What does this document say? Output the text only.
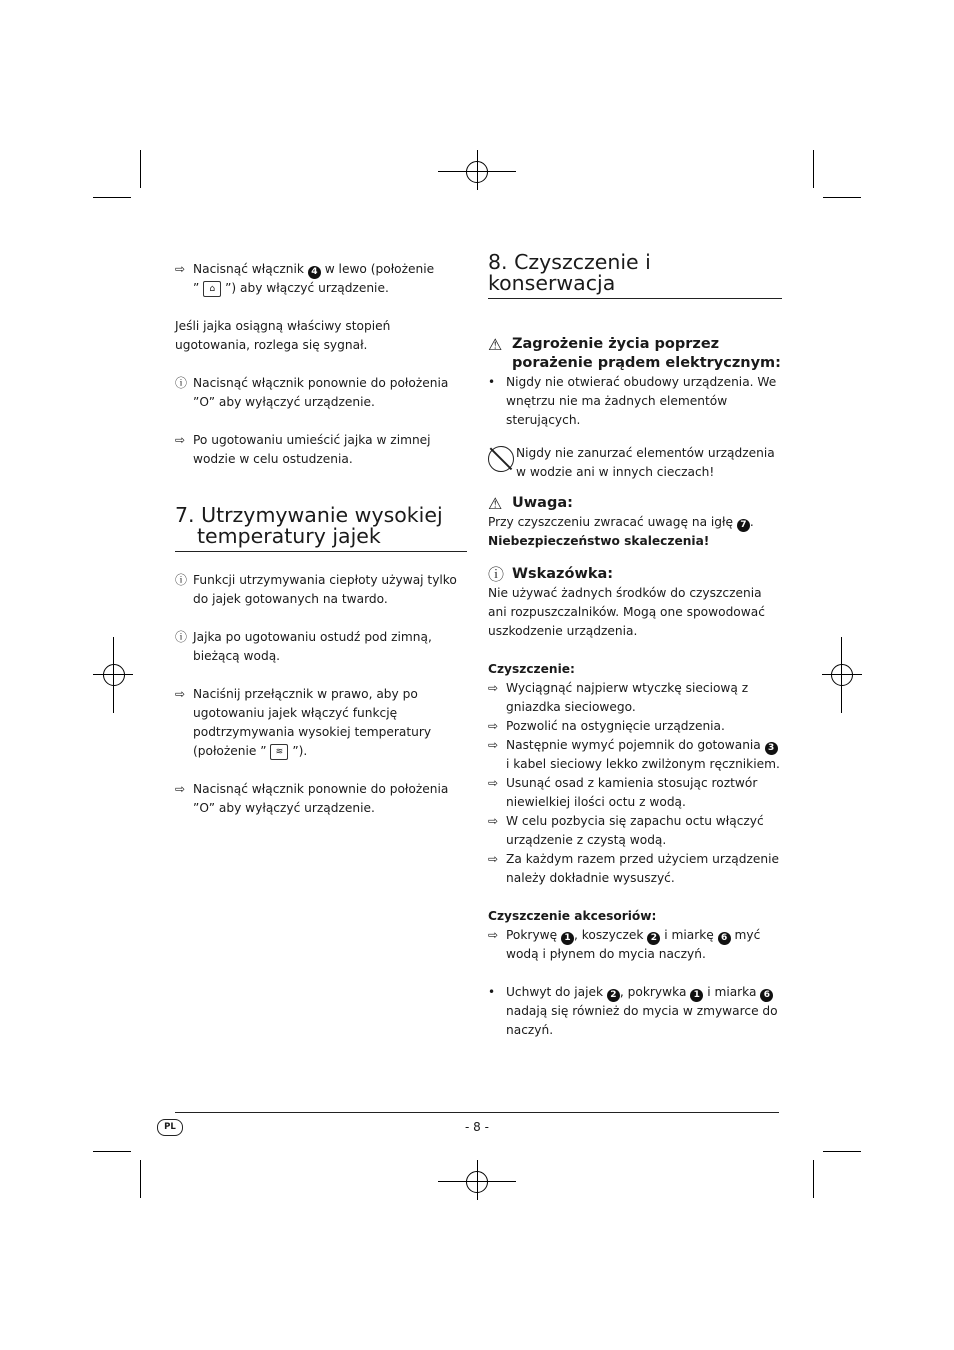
⇨ Nacisnąć włącznik 4 w lewo (położenie
” ⌂ ”) aby włączyć urządzenie.

Jeśli jajka osiągną właściwy stopień ugotowania, rozlega się sygnał.

ⓘ Nacisnąć włącznik ponownie do położenia ”O” aby wyłączyć urządzenie.
⇨ Po ugotowaniu umieścić jajka w zimnej wodzie w celu ostudzenia.
7. Utrzymywanie wysokiej
temperatury jajek
ⓘ Funkcji utrzymywania ciepłoty używaj tylko do jajek gotowanych na twardo.
ⓘ Jajka po ugotowaniu ostudź pod zimną, bieżącą wodą.
⇨ Naciśnij przełącznik w prawo, aby po ugotowaniu jajek włączyć funkcję podtrzymywania wysokiej temperatury (położenie ” ≋ ”).
⇨ Nacisnąć włącznik ponownie do położenia ”O” aby wyłączyć urządzenie.
8. Czyszczenie i konserwacja
⚠ Zagrożenie życia poprzez porażenie prądem elektrycznym:
• Nigdy nie otwierać obudowy urządzenia. We wnętrzu nie ma żadnych elementów sterujących.
Nigdy nie zanurzać elementów urządzenia w wodzie ani w innych cieczach!
⚠ Uwaga:

Przy czyszczeniu zwracać uwagę na igłę 7 .

Niebezpieczeństwo skaleczenia!

ⓘ Wskazówka:

Nie używać żadnych środków do czyszczenia ani rozpuszczalników. Mogą one spowodować uszkodzenie urządzenia.

Czyszczenie:
⇨ Wyciągnąć najpierw wtyczkę sieciową z gniazdka sieciowego.
⇨ Pozwolić na ostygnięcie urządzenia.
⇨ Następnie wymyć pojemnik do gotowania 3 i kabel sieciowy lekko zwilżonym ręcznikiem.
⇨ Usunąć osad z kamienia stosując roztwór niewielkiej ilości octu z wodą.
⇨ W celu pozbycia się zapachu octu włączyć urządzenie z czystą wodą.
⇨ Za każdym razem przed użyciem urządzenie należy dokładnie wysuszyć.
Czyszczenie akcesoriów:
⇨ Pokrywę 1 , koszyczek 2 i miarkę 6 myć wodą i płynem do mycia naczyń.
• Uchwyt do jajek 2 , pokrywka 1 i miarka 6 nadają się również do mycia w zmywarce do naczyń.
PL	- 8 -
